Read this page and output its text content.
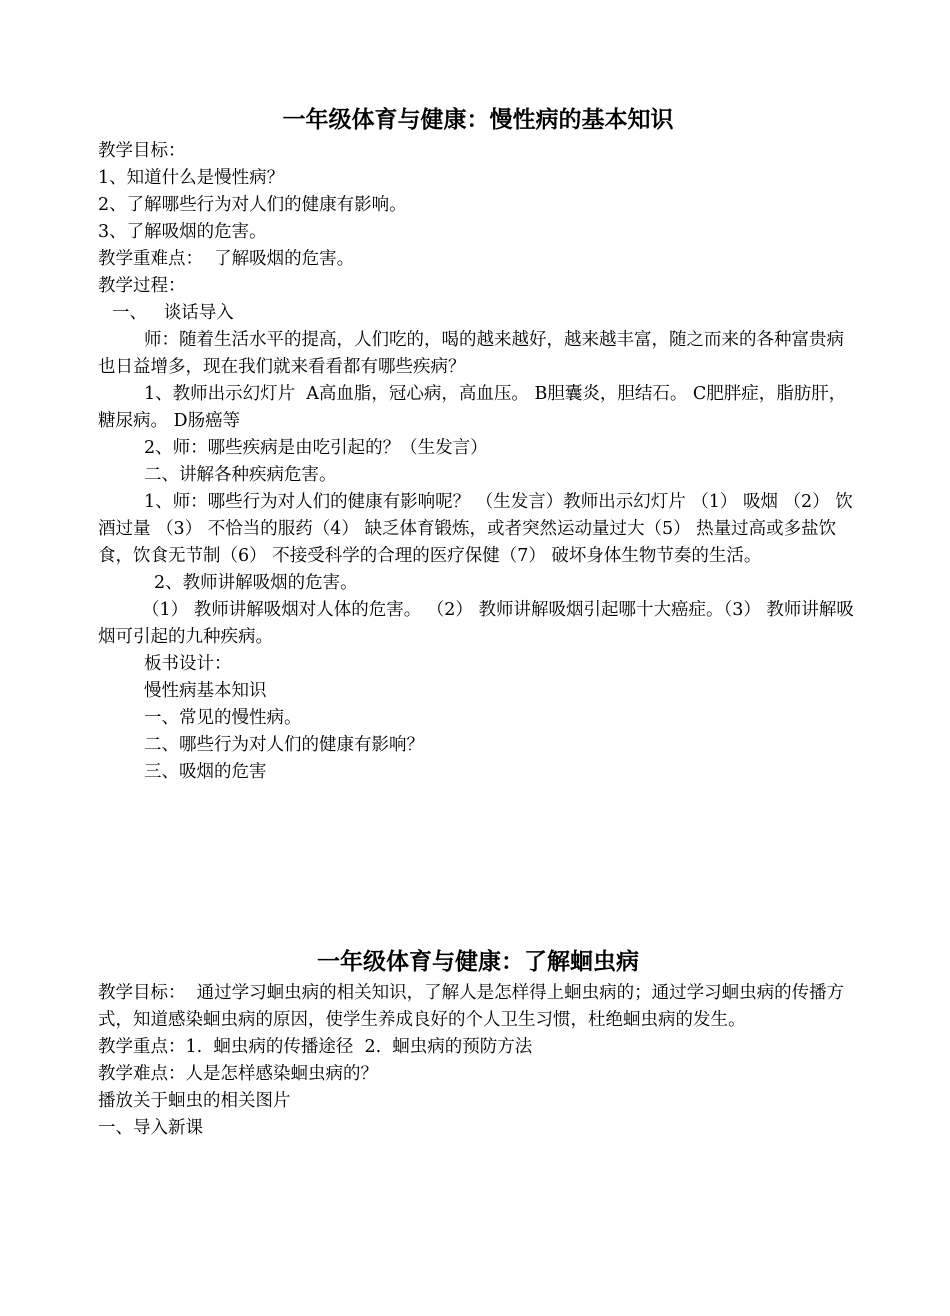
一年级体育与健康：慢性病的基本知识

教学目标：

1、知道什么是慢性病？

2、了解哪些行为对人们的健康有影响。

3、了解吸烟的危害。

教学重难点：  了解吸烟的危害。

教学过程：

一、   谈话导入

师：随着生活水平的提高，人们吃的，喝的越来越好，越来越丰富，随之而来的各种富贵病也日益增多，现在我们就来看看都有哪些疾病？

1、教师出示幻灯片  A高血脂，冠心病，高血压。 B胆囊炎，胆结石。 C肥胖症，脂肪肝，糖尿病。 D肠癌等

2、师：哪些疾病是由吃引起的？（生发言）

二、讲解各种疾病危害。

1、师：哪些行为对人们的健康有影响呢？ （生发言）教师出示幻灯片 （1） 吸烟 （2） 饮酒过量 （3） 不恰当的服药（4） 缺乏体育锻炼，或者突然运动量过大（5） 热量过高或多盐饮食，饮食无节制（6） 不接受科学的合理的医疗保健（7） 破坏身体生物节奏的生活。

2、教师讲解吸烟的危害。

（1） 教师讲解吸烟对人体的危害。 （2） 教师讲解吸烟引起哪十大癌症。（3） 教师讲解吸烟可引起的九种疾病。

板书设计：

慢性病基本知识

一、常见的慢性病。

二、哪些行为对人们的健康有影响？

三、吸烟的危害

一年级体育与健康：了解蛔虫病

教学目标：  通过学习蛔虫病的相关知识，了解人是怎样得上蛔虫病的；通过学习蛔虫病的传播方式，知道感染蛔虫病的原因，使学生养成良好的个人卫生习惯，杜绝蛔虫病的发生。

教学重点：1.  蛔虫病的传播途径  2.  蛔虫病的预防方法

教学难点：人是怎样感染蛔虫病的？

播放关于蛔虫的相关图片

一、导入新课
